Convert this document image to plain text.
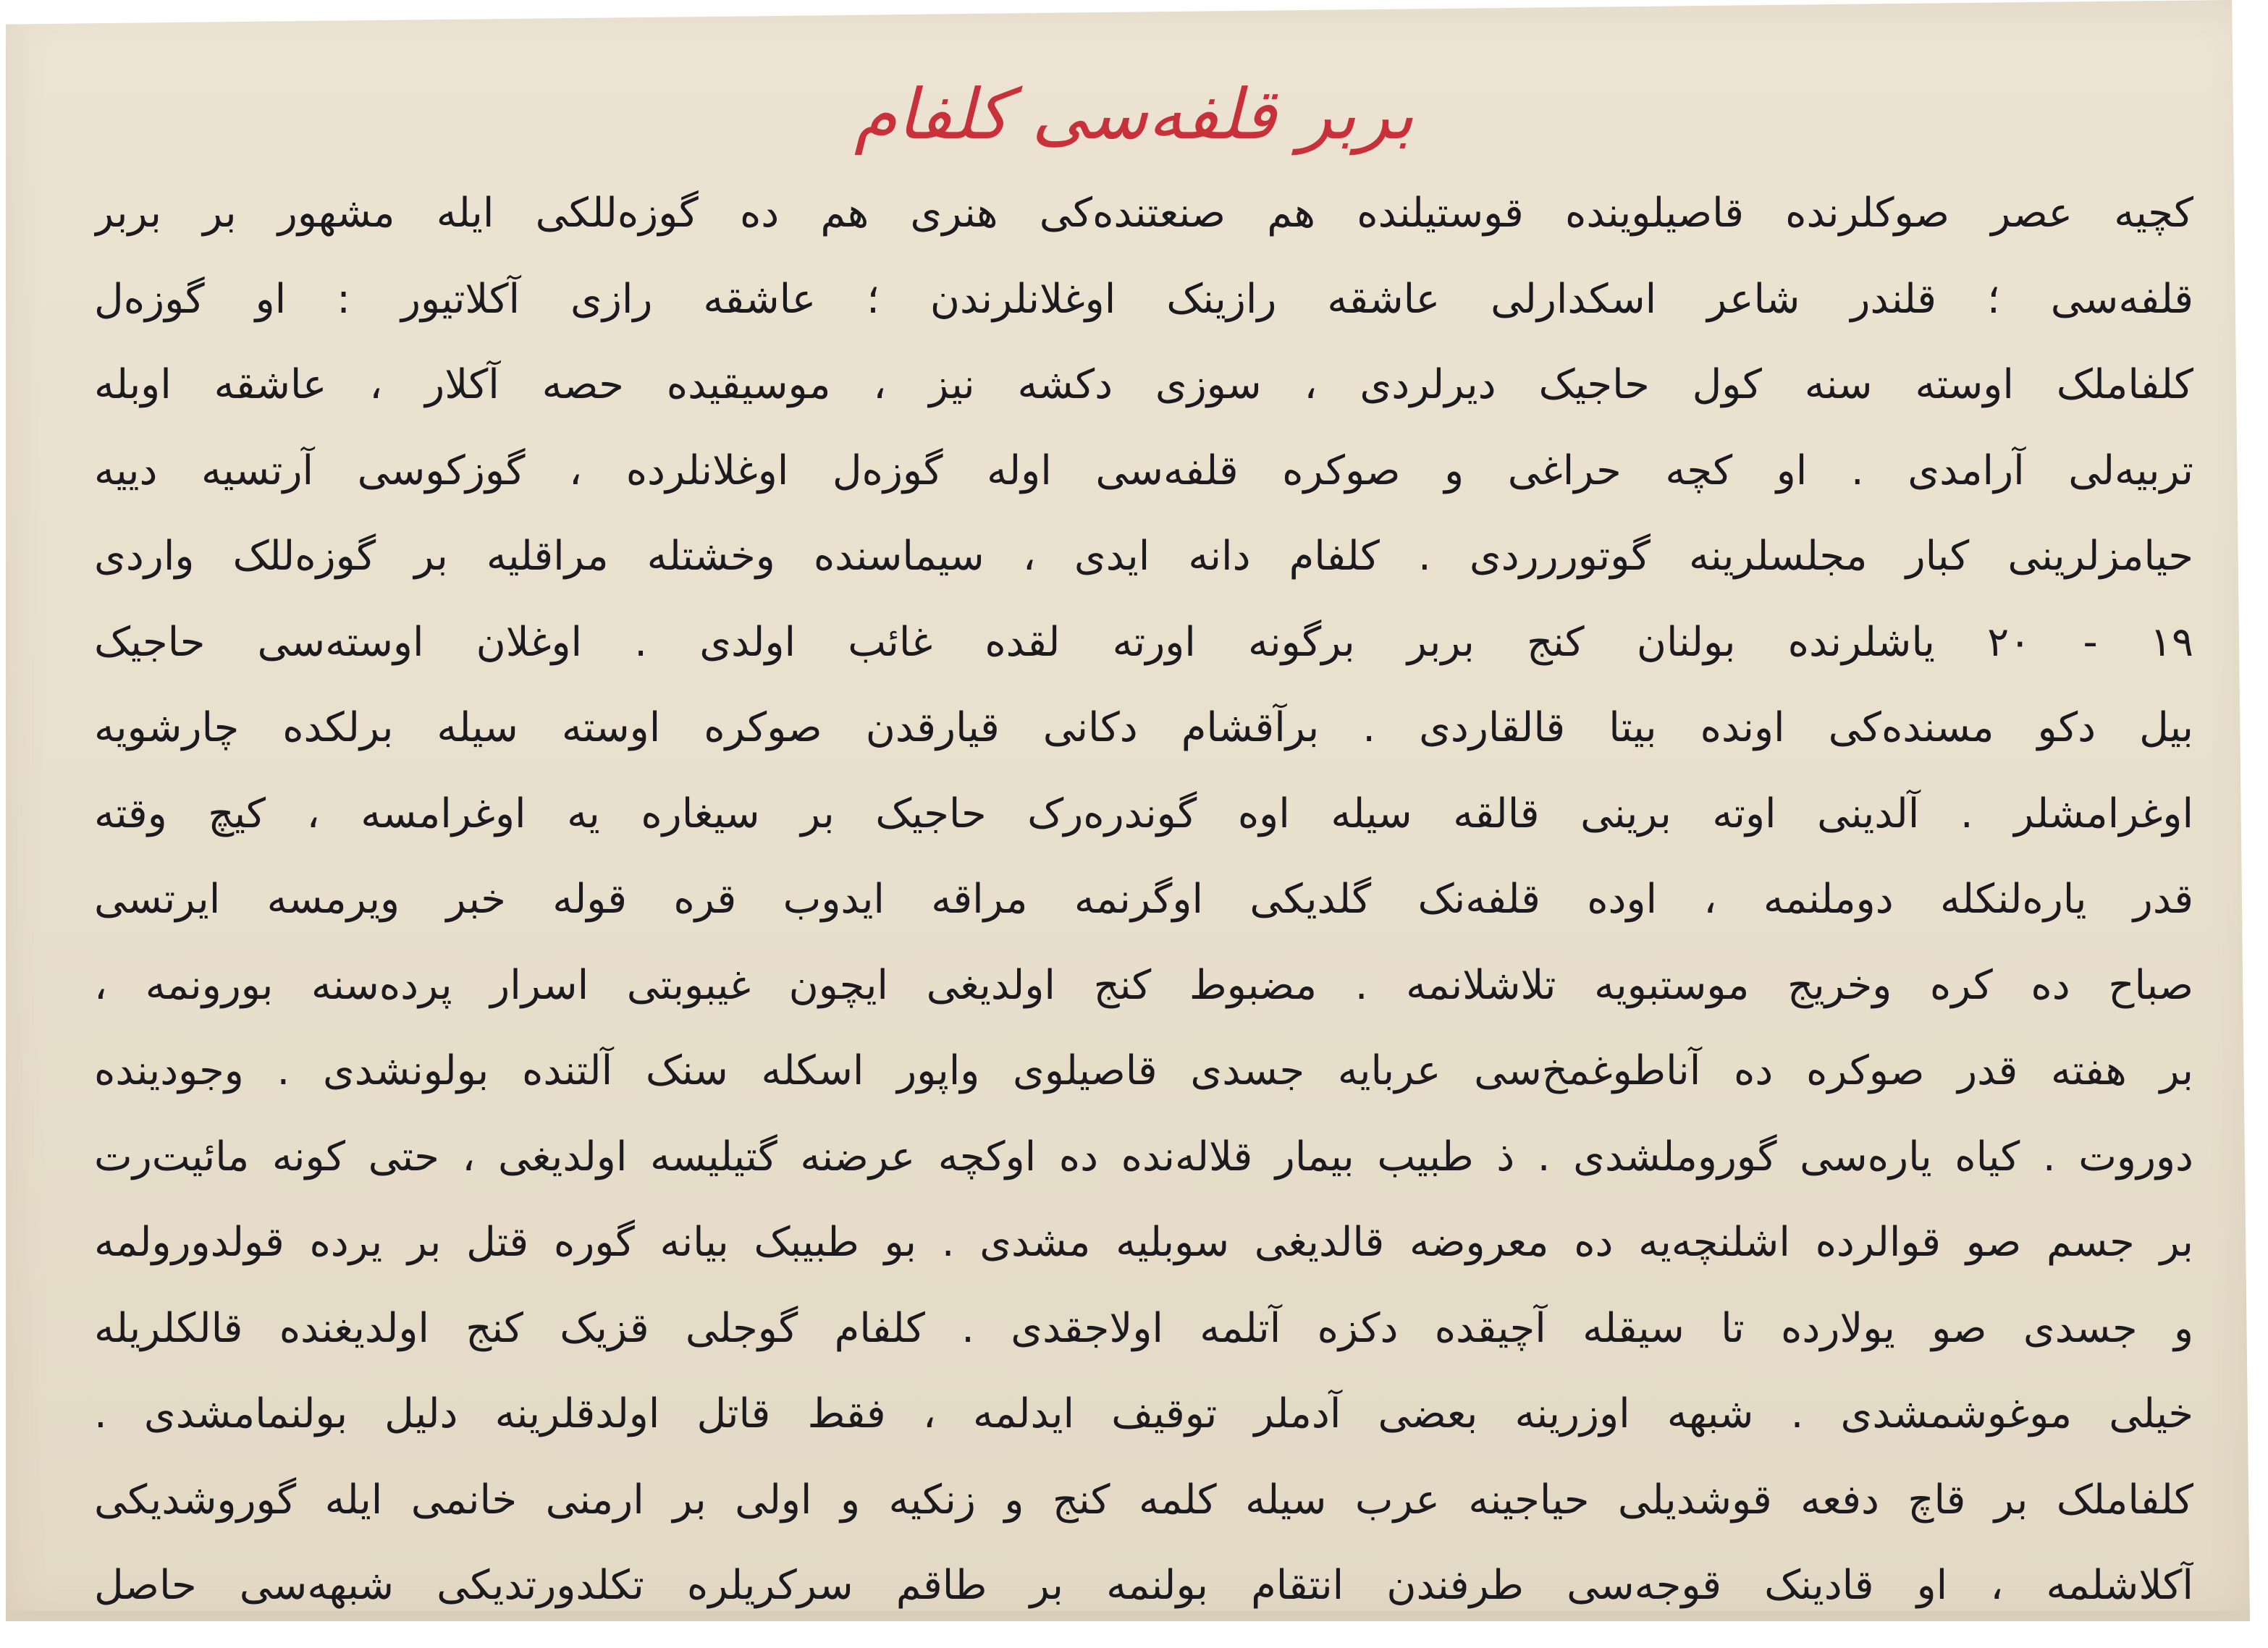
بربر قلفه‌سی کلفام
کچیه عصر صوکلرنده قاصیلوینده قوستیلنده هم صنعتنده‌کی هنری هم ده گوزه‌للکی ایله مشهور بر بربر
قلفه‌سی ؛ قلندر شاعر اسکدارلی عاشقه رازینک اوغلانلرندن ؛ عاشقه رازی آکلاتیور : او گوزه‌ل
کلفاملک اوسته سنه کول حاجیک دیرلردی ، سوزی دکشه نیز ، موسیقیده حصه آکلار ، عاشقه اوبله
تربیه‌لی آرامدی . او کچه حراغی و صوکره قلفه‌سی اوله گوزه‌ل اوغلانلرده ، گوزکوسی آرتسیه دییه
حیامزلرینی کبار مجلسلرینه گوتوررردی . کلفام دانه ایدی ، سیماسنده وخشتله مراقلیه بر گوزه‌للک واردی
۱۹ - ۲۰ یاشلرنده بولنان کنج بربر برگونه اورته لقده غائب اولدی . اوغلان اوسته‌سی حاجیک
بیل دکو مسنده‌کی اونده بیتا قالقاردی . برآقشام دکانی قیارقدن صوکره اوسته سیله برلکده چارشویه
اوغرامشلر . آلدینی اوته برینی قالقه سیله اوه گوندره‌رک حاجیک بر سیغاره یه اوغرامسه ، کیچ وقته
قدر یاره‌لنکله دوملنمه ، اوده قلفه‌نک گلدیکی اوگرنمه مراقه ایدوب قره قوله خبر ویرمسه ایرتسی
صباح ده کره وخریج موستبویه تلاشلانمه . مضبوط کنج اولدیغی ایچون غیبوبتی اسرار پرده‌سنه بورونمه ،
بر هفته قدر صوکره ده آناطوغمخ‌سی عربایه جسدی قاصیلوی واپور اسکله سنک آلتنده بولونشدی . وجودینده
دوروت . کیاه یاره‌سی گوروملشدی . ذ طبیب بیمار قلاله‌نده ده اوکچه عرضنه گتیلیسه اولدیغی ، حتی کونه مائیت‌رت
بر جسم صو قوالرده اشلنچه‌یه ده معروضه قالدیغی سوبلیه مشدی . بو طبیبک بیانه گوره قتل بر یرده قولدورولمه
و جسدی صو یولارده تا سیقله آچیقده دکزه آتلمه اولاجقدی . کلفام گوجلی قزیک کنج اولدیغنده قالکلریله
خیلی موغوشمشدی . شبهه اوزرینه بعضی آدملر توقیف ایدلمه ، فقط قاتل اولدقلرینه دلیل بولنمامشدی .
کلفاملک بر قاچ دفعه قوشدیلی حیاجینه عرب سیله کلمه کنج و زنکیه و اولی بر ارمنی خانمی ایله گوروشدیکی
آکلاشلمه ، او قادینک قوجه‌سی طرفندن انتقام بولنمه بر طاقم سرکریلره تکلدورتدیکی شبهه‌سی حاصل
